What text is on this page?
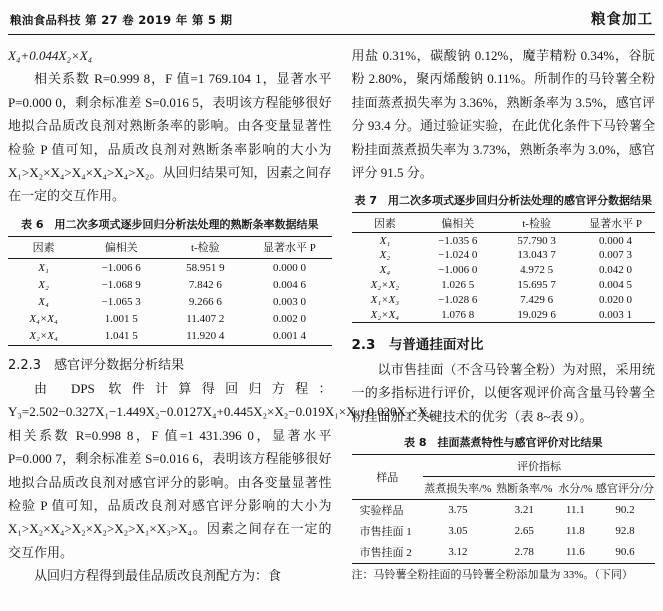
粮油食品科技 第 27 卷 2019 年 第 5 期	粮食加工

X₄+0.044X₂×X₄

相关系数 R=0.999 8，F 值=1 769.104 1，显著水平 P=0.000 0，剩余标准差 S=0.016 5，表明该方程能够很好地拟合品质改良剂对熟断条率的影响。由各变量显著性检验 P 值可知，品质改良剂对熟断条率影响的大小为 X₁>X₂×X₄>X₄×X₄>X₄>X₂。从回归结果可知，因素之间存在一定的交互作用。

表 6　用二次多项式逐步回归分析法处理的熟断条率数据结果
因素	偏相关	t-检验	显著水平 P
X₁	−1.006 6	58.951 9	0.000 0
X₂	−1.068 9	7.842 6	0.004 6
X₄	−1.065 3	9.266 6	0.003 0
X₄×X₄	1.001 5	11.407 2	0.002 0
X₂×X₄	1.041 5	11.920 4	0.001 4
2.2.3　感官评分数据分析结果

由 DPS 软件计算得回归方程：Y₃=2.502−0.327X₁−1.449X₂−0.0127X₄+0.445X₂×X₂−0.019X₁×X₃+0.020X₂×X₄。相关系数 R=0.998 8，F 值=1 431.396 0，显著水平 P=0.000 7，剩余标准差 S=0.016 6，表明该方程能够很好地拟合品质改良剂对感官评分的影响。由各变量显著性检验 P 值可知，品质改良剂对感官评分影响的大小为 X₁>X₂×X₄>X₂×X₂>X₂>X₁×X₃>X₄。因素之间存在一定的交互作用。

从回归方程得到最佳品质改良剂配方为：食

用盐 0.31%，碳酸钠 0.12%，魔芋精粉 0.34%，谷朊粉 2.80%，聚丙烯酸钠 0.11%。所制作的马铃薯全粉挂面蒸煮损失率为 3.36%，熟断条率为 3.5%，感官评分 93.4 分。通过验证实验，在此优化条件下马铃薯全粉挂面蒸煮损失率为 3.73%，熟断条率为 3.0%，感官评分 91.5 分。

表 7　用二次多项式逐步回归分析法处理的感官评分数据结果
因素	偏相关	t-检验	显著水平 P
X₁	−1.035 6	57.790 3	0.000 4
X₂	−1.024 0	13.043 7	0.007 3
X₄	−1.006 0	4.972 5	0.042 0
X₂×X₂	1.026 5	15.695 7	0.004 5
X₁×X₃	−1.028 6	7.429 6	0.020 0
X₂×X₄	1.076 8	19.029 6	0.003 1
2.3　与普通挂面对比

以市售挂面（不含马铃薯全粉）为对照，采用统一的多指标进行评价，以便客观评价高含量马铃薯全粉挂面加工关键技术的优劣（表 8~表 9）。

表 8　挂面蒸煮特性与感官评价对比结果
样品	评价指标			
	蒸煮损失率/%	熟断条率/%	水分/%	感官评分/分
实验样品	3.75	3.21	11.1	90.2
市售挂面 1	3.05	2.65	11.8	92.8
市售挂面 2	3.12	2.78	11.6	90.6
注：马铃薯全粉挂面的马铃薯全粉添加量为 33%。（下同）
